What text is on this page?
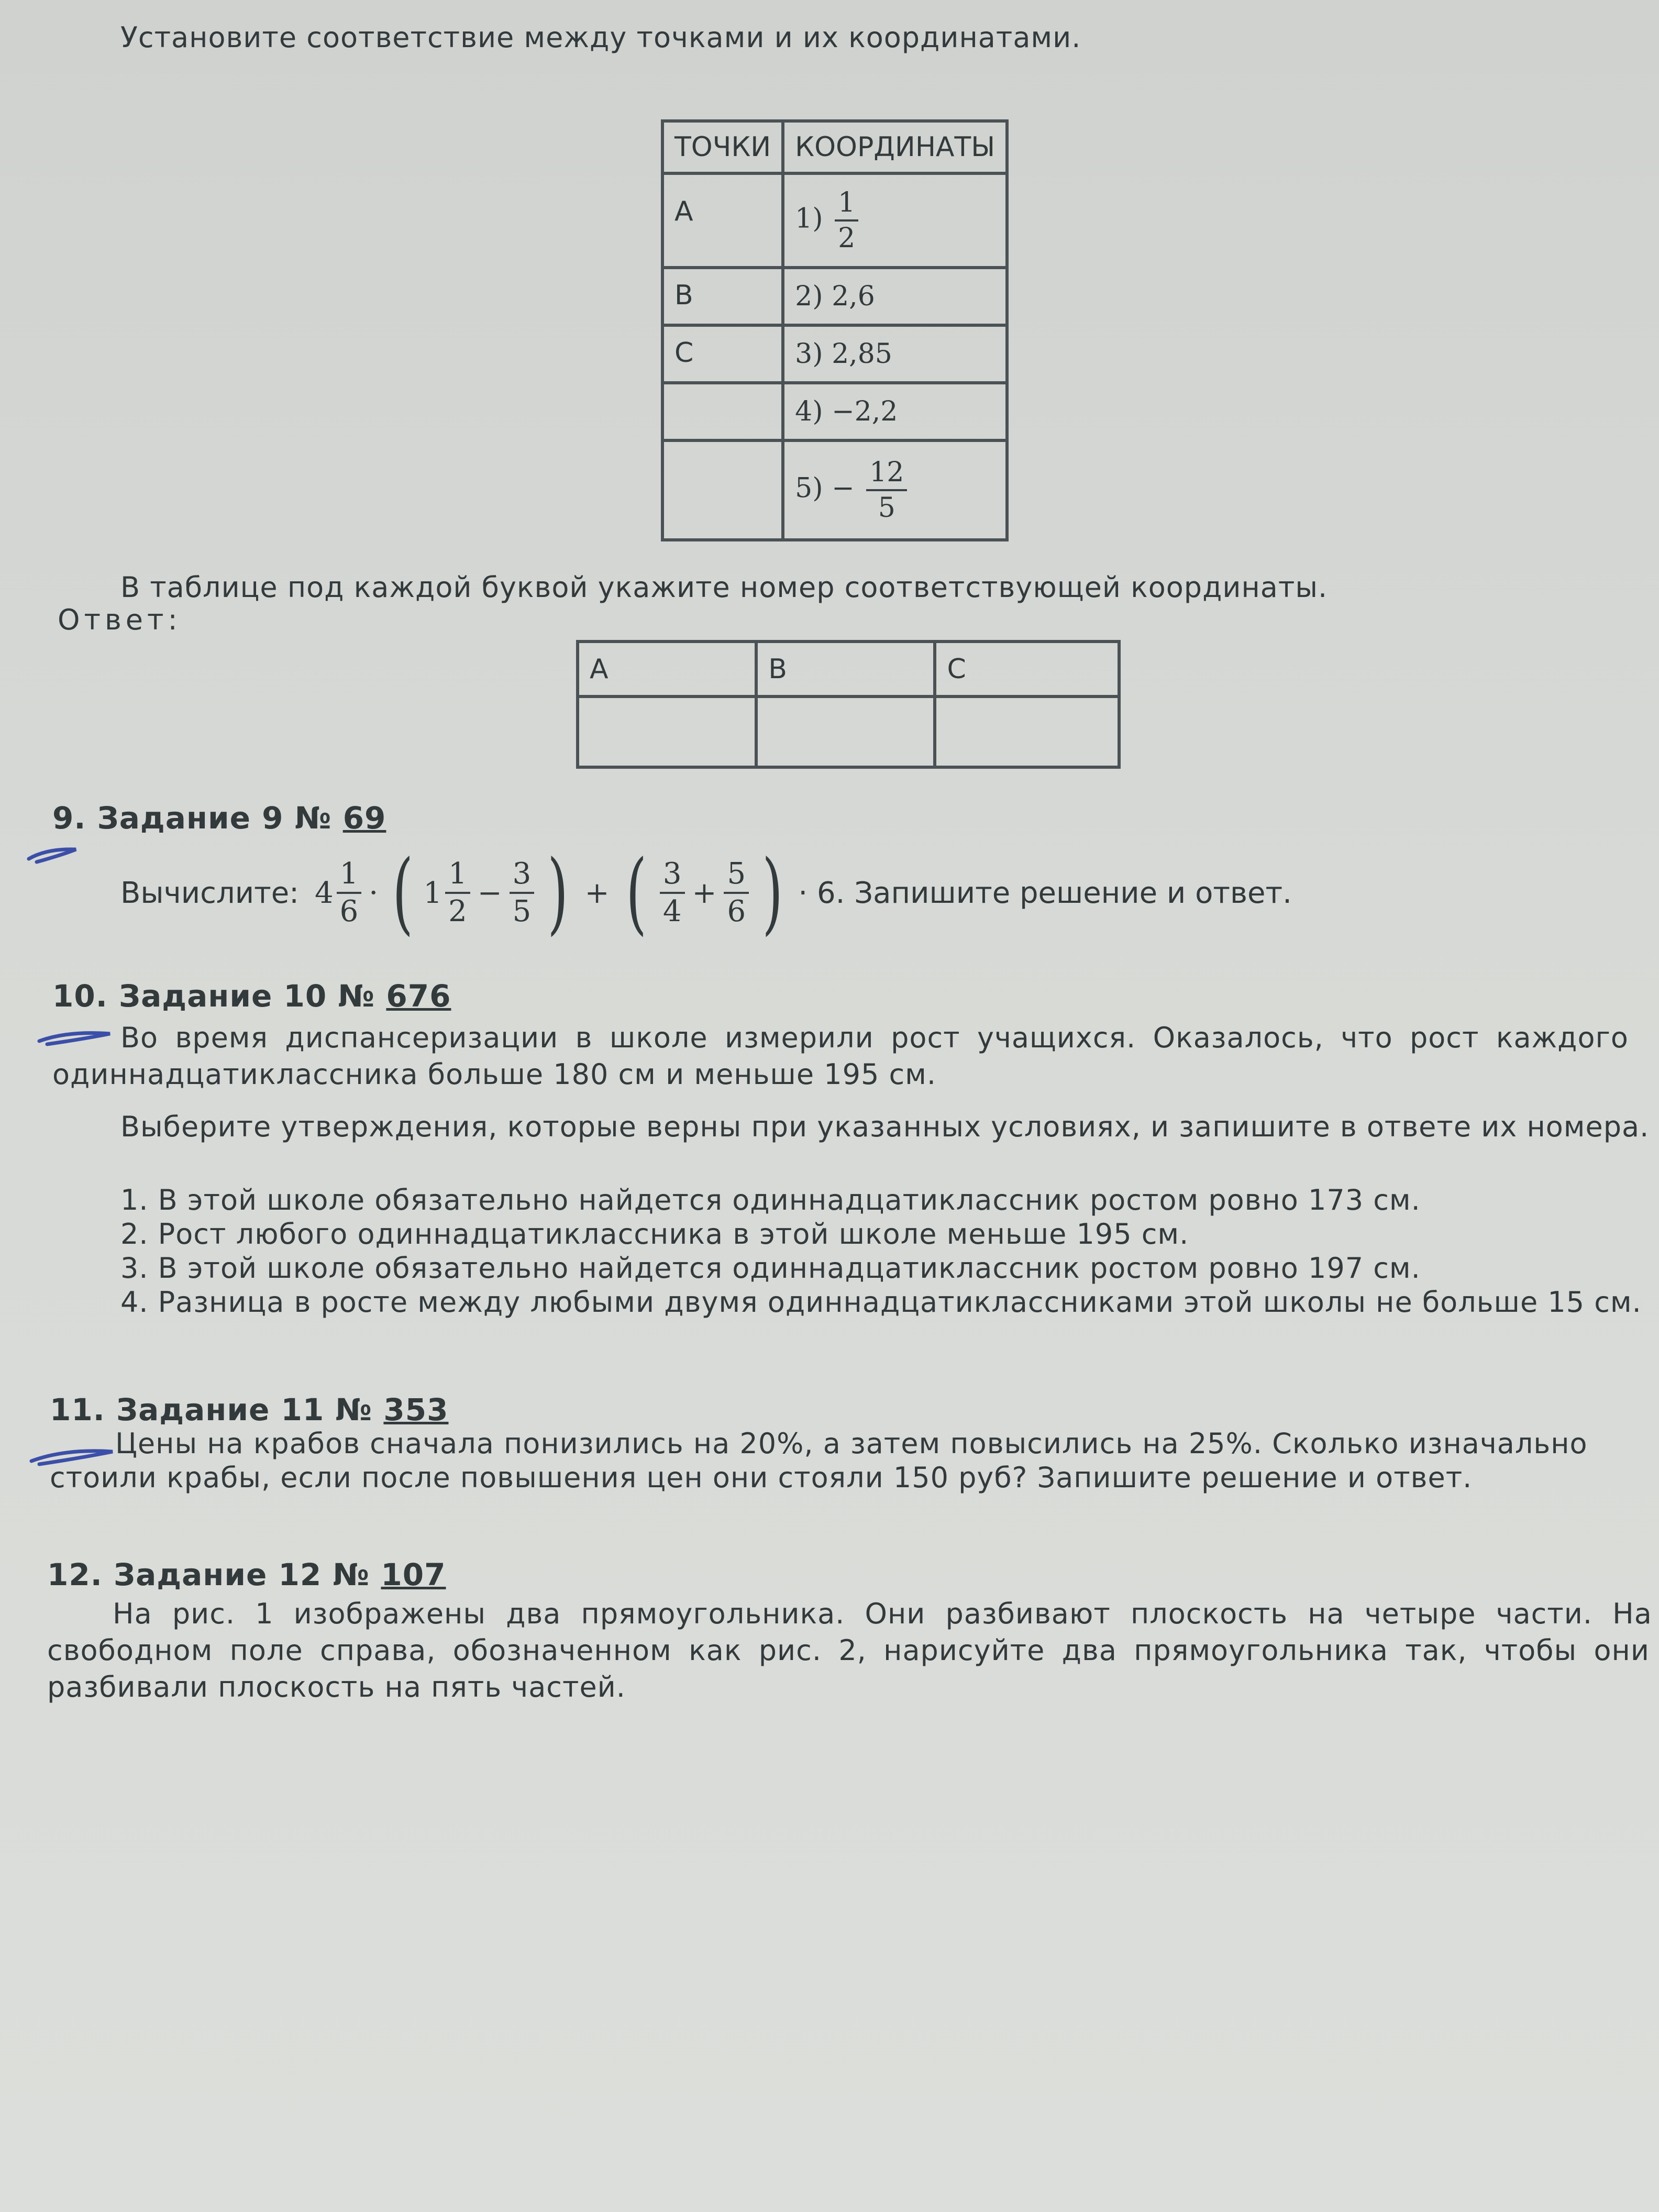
Установите соответствие между точками и их координатами.
ТОЧКИ	КООРДИНАТЫ
A	$1) \frac{1}{2}$

B	2) 2,6
C	3) 2,85
	4) −2,2
	$5) - \frac{12}{5}$
В таблице под каждой буквой укажите номер соответствующей координаты.
Ответ:
A	B	C

9. Задание 9 № 69
Вычислите: $4 \frac{1}{6}$ · ( $1 \frac{1}{2} - \frac{3}{5}$ ) + ( $\frac{3}{4} + \frac{5}{6}$ ) · 6. Запишите решение и ответ.
10. Задание 10 № 676
Во время диспансеризации в школе измерили рост учащихся. Оказалось, что рост каждого
одиннадцатиклассника больше 180 см и меньше 195 см.
Выберите утверждения, которые верны при указанных условиях, и запишите в ответе их номера.
1. В этой школе обязательно найдется одиннадцатиклассник ростом ровно 173 см.
2. Рост любого одиннадцатиклассника в этой школе меньше 195 см.
3. В этой школе обязательно найдется одиннадцатиклассник ростом ровно 197 см.
4. Разница в росте между любыми двумя одиннадцатиклассниками этой школы не больше 15 см.
11. Задание 11 № 353
Цены на крабов сначала понизились на 20%, а затем повысились на 25%. Сколько изначально
стоили крабы, если после повышения цен они стояли 150 руб? Запишите решение и ответ.
12. Задание 12 № 107
На рис. 1 изображены два прямоугольника. Они разбивают плоскость на четыре части. На
свободном поле справа, обозначенном как рис. 2, нарисуйте два прямоугольника так, чтобы они
разбивали плоскость на пять частей.
